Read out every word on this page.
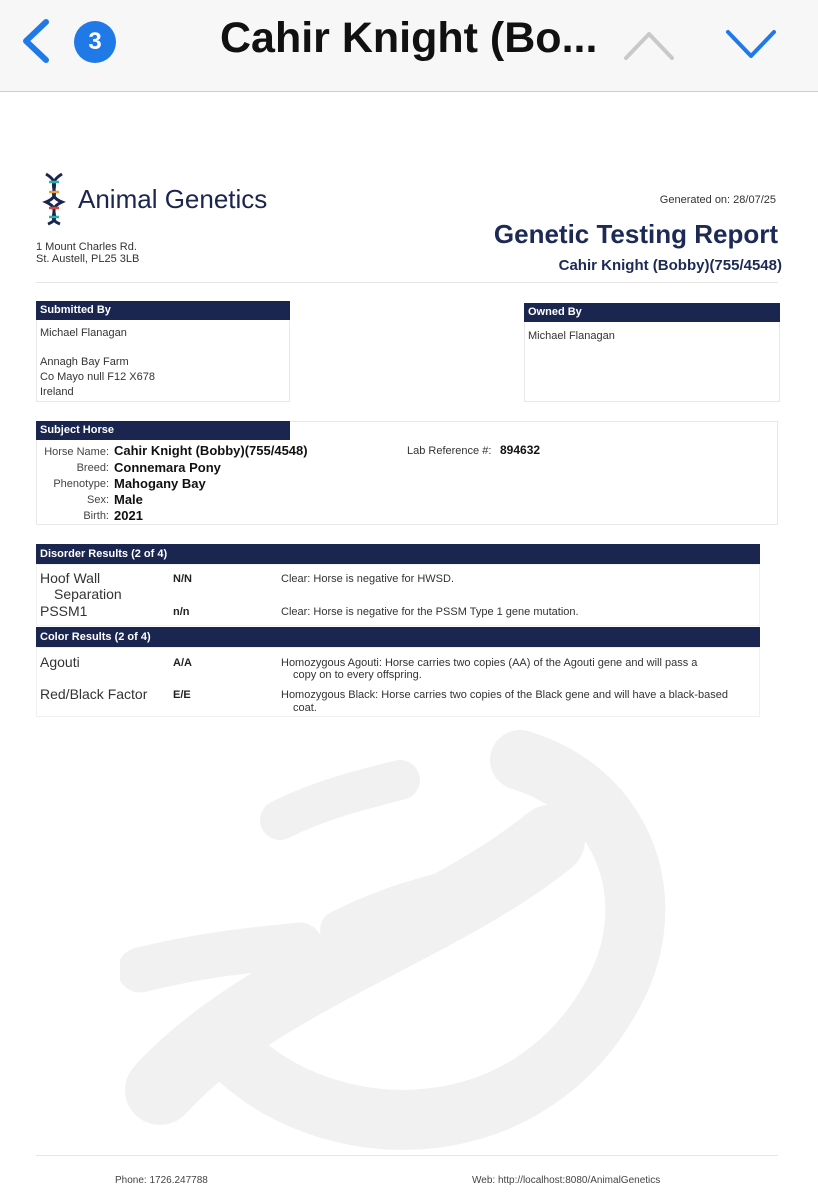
3	Cahir Knight (Bo...
Animal Genetics
1 Mount Charles Rd.
St. Austell, PL25 3LB
Generated on: 28/07/25
Genetic Testing Report
Cahir Knight (Bobby)(755/4548)
Submitted By
Michael Flanagan
Annagh Bay Farm
Co Mayo null F12 X678
Ireland
Owned By
Michael Flanagan
Subject Horse
Horse Name: Cahir Knight (Bobby)(755/4548)
Breed: Connemara Pony
Phenotype: Mahogany Bay
Sex: Male
Birth: 2021
Lab Reference #: 894632
Disorder Results (2 of 4)
Hoof Wall
Separation
N/N	Clear: Horse is negative for HWSD.
PSSM1	n/n	Clear: Horse is negative for the PSSM Type 1 gene mutation.
Color Results (2 of 4)
Agouti	A/A	Homozygous Agouti: Horse carries two copies (AA) of the Agouti gene and will pass a
copy on to every offspring.
Red/Black Factor E/E	Homozygous Black: Horse carries two copies of the Black gene and will have a black-based
coat.
Phone: 1726.247788	Web: http://localhost:8080/AnimalGenetics
